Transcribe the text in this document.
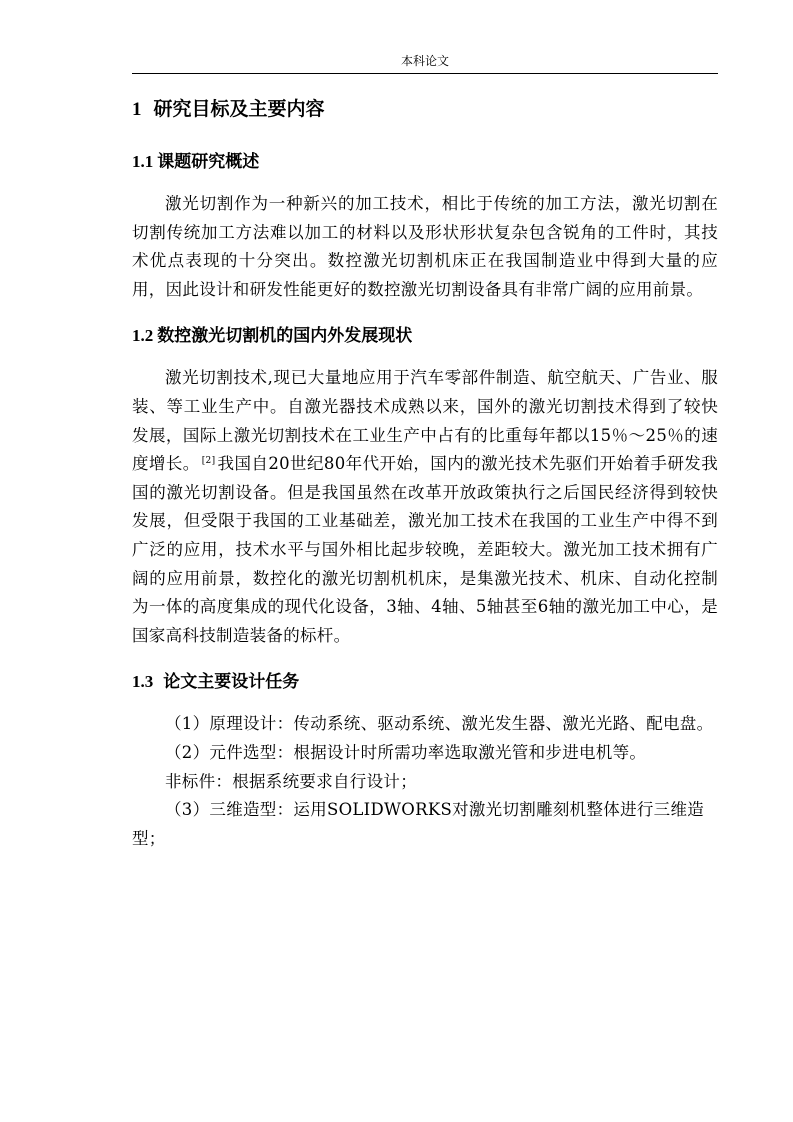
本科论文
1 研究目标及主要内容
1.1 课题研究概述

激光切割作为一种新兴的加工技术，相比于传统的加工方法，激光切割在切割传统加工方法难以加工的材料以及形状形状复杂包含锐角的工件时，其技术优点表现的十分突出。数控激光切割机床正在我国制造业中得到大量的应用，因此设计和研发性能更好的数控激光切割设备具有非常广阔的应用前景。

1.2 数控激光切割机的国内外发展现状

激光切割技术,现已大量地应用于汽车零部件制造、航空航天、广告业、服装、等工业生产中。自激光器技术成熟以来，国外的激光切割技术得到了较快发展，国际上激光切割技术在工业生产中占有的比重每年都以15％～25％的速度增长。 [2] 我国自20世纪80年代开始，国内的激光技术先驱们开始着手研发我国的激光切割设备。但是我国虽然在改革开放政策执行之后国民经济得到较快发展，但受限于我国的工业基础差，激光加工技术在我国的工业生产中得不到广泛的应用，技术水平与国外相比起步较晚，差距较大。激光加工技术拥有广阔的应用前景，数控化的激光切割机机床，是集激光技术、机床、自动化控制为一体的高度集成的现代化设备，3轴、4轴、5轴甚至6轴的激光加工中心，是国家高科技制造装备的标杆。

1.3 论文主要设计任务

（1）原理设计：传动系统、驱动系统、激光发生器、激光光路、配电盘。

（2）元件选型：根据设计时所需功率选取激光管和步进电机等。

非标件：根据系统要求自行设计；

（3）三维造型：运用SOLIDWORKS对激光切割雕刻机整体进行三维造型；
